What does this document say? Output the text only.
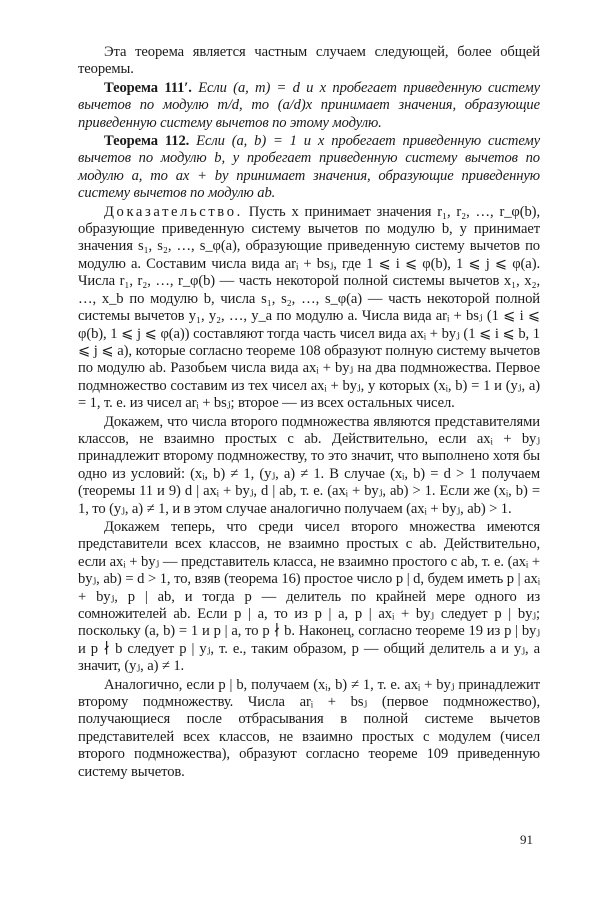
Эта теорема является частным случаем следующей, более общей теоремы.

Теорема 111′. Если (a, m) = d и x пробегает приведенную систему вычетов по модулю m/d, то (a/d)x принимает значения, образующие приведенную систему вычетов по этому модулю.

Теорема 112. Если (a, b) = 1 и x пробегает приведенную систему вычетов по модулю b, y пробегает приведенную систему вычетов по модулю a, то ax + by принимает значения, образующие приведенную систему вычетов по модулю ab.

Доказательство. Пусть x принимает значения r₁, r₂, …, r_φ(b), образующие приведенную систему вычетов по модулю b, y принимает значения s₁, s₂, …, s_φ(a), образующие приведенную систему вычетов по модулю a. Составим числа вида arᵢ + bsⱼ, где 1 ⩽ i ⩽ φ(b), 1 ⩽ j ⩽ φ(a). Числа r₁, r₂, …, r_φ(b) — часть некоторой полной системы вычетов x₁, x₂, …, x_b по модулю b, числа s₁, s₂, …, s_φ(a) — часть некоторой полной системы вычетов y₁, y₂, …, y_a по модулю a. Числа вида arᵢ + bsⱼ (1 ⩽ i ⩽ φ(b), 1 ⩽ j ⩽ φ(a)) составляют тогда часть чисел вида axᵢ + byⱼ (1 ⩽ i ⩽ b, 1 ⩽ j ⩽ a), которые согласно теореме 108 образуют полную систему вычетов по модулю ab. Разобьем числа вида axᵢ + byⱼ на два подмножества. Первое подмножество составим из тех чисел axᵢ + byⱼ, у которых (xᵢ, b) = 1 и (yⱼ, a) = 1, т. е. из чисел arᵢ + bsⱼ; второе — из всех остальных чисел.

Докажем, что числа второго подмножества являются представителями классов, не взаимно простых с ab. Действительно, если axᵢ + byⱼ принадлежит второму подмножеству, то это значит, что выполнено хотя бы одно из условий: (xᵢ, b) ≠ 1, (yⱼ, a) ≠ 1. В случае (xᵢ, b) = d > 1 получаем (теоремы 11 и 9) d | axᵢ + byⱼ, d | ab, т. е. (axᵢ + byⱼ, ab) > 1. Если же (xᵢ, b) = 1, то (yⱼ, a) ≠ 1, и в этом случае аналогично получаем (axᵢ + byⱼ, ab) > 1.

Докажем теперь, что среди чисел второго множества имеются представители всех классов, не взаимно простых с ab. Действительно, если axᵢ + byⱼ — представитель класса, не взаимно простого с ab, т. е. (axᵢ + byⱼ, ab) = d > 1, то, взяв (теорема 16) простое число p | d, будем иметь p | axᵢ + byⱼ, p | ab, и тогда p — делитель по крайней мере одного из сомножителей ab. Если p | a, то из p | a, p | axᵢ + byⱼ следует p | byⱼ; поскольку (a, b) = 1 и p | a, то p ∤ b. Наконец, согласно теореме 19 из p | byⱼ и p ∤ b следует p | yⱼ, т. е., таким образом, p — общий делитель a и yⱼ, а значит, (yⱼ, a) ≠ 1.

Аналогично, если p | b, получаем (xᵢ, b) ≠ 1, т. е. axᵢ + byⱼ принадлежит второму подмножеству. Числа arᵢ + bsⱼ (первое подмножество), получающиеся после отбрасывания в полной системе вычетов представителей всех классов, не взаимно простых с модулем (чисел второго подмножества), образуют согласно теореме 109 приведенную систему вычетов.

91
